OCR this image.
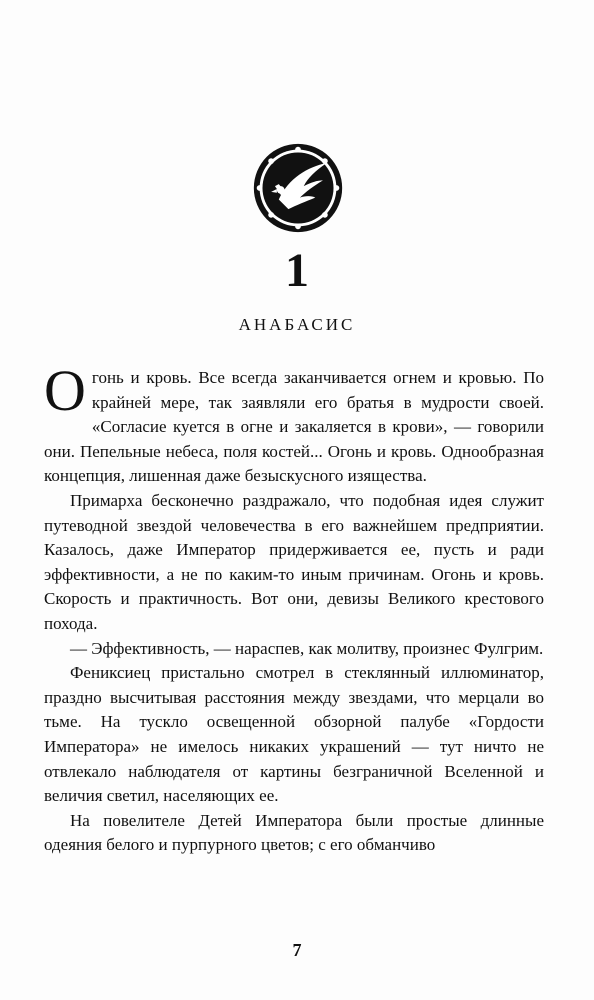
1
АНАБАСИС

Огонь и кровь. Все всегда заканчивается огнем и кровью. По крайней мере, так заявляли его братья в мудрости своей. «Согласие куется в огне и закаляется в крови», — говорили они. Пепельные небеса, поля костей... Огонь и кровь. Однообразная концепция, лишенная даже безыскусного изящества.

Примарха бесконечно раздражало, что подобная идея служит путеводной звездой человечества в его важнейшем предприятии. Казалось, даже Император придерживается ее, пусть и ради эффективности, а не по каким-то иным причинам. Огонь и кровь. Скорость и практичность. Вот они, девизы Великого крестового похода.

— Эффективность, — нараспев, как молитву, произнес Фулгрим.

Фениксиец пристально смотрел в стеклянный иллюминатор, праздно высчитывая расстояния между звездами, что мерцали во тьме. На тускло освещенной обзорной палубе «Гордости Императора» не имелось никаких украшений — тут ничто не отвлекало наблюдателя от картины безграничной Вселенной и величия светил, населяющих ее.

На повелителе Детей Императора были простые длинные одеяния белого и пурпурного цветов; с его обманчиво

7
